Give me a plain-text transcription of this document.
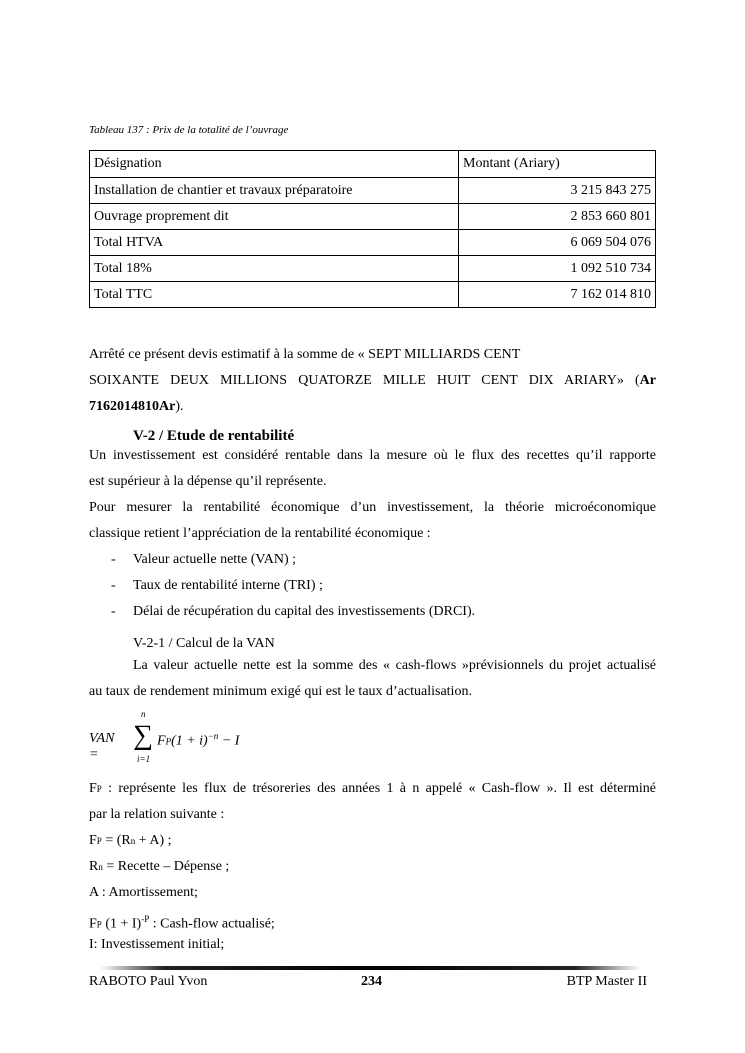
Tableau 137 : Prix de la totalité de l’ouvrage
Désignation	Montant (Ariary)
Installation de chantier et travaux préparatoire	3 215 843 275
Ouvrage proprement dit	2 853 660 801
Total HTVA	6 069 504 076
Total 18%	1 092 510 734
Total TTC	7 162 014 810
Arrêté ce présent devis estimatif à la somme de « SEPT MILLIARDS CENT
SOIXANTE DEUX MILLIONS QUATORZE MILLE HUIT CENT DIX ARIARY» (Ar
7162014810Ar).
V-2 / Etude de rentabilité
Un investissement est considéré rentable dans la mesure où le flux des recettes qu’il rapporte
est supérieur à la dépense qu’il représente.
Pour mesurer la rentabilité économique d’un investissement, la théorie microéconomique
classique retient l’appréciation de la rentabilité économique :
- Valeur actuelle nette (VAN) ;
- Taux de rentabilité interne (TRI) ;
- Délai de récupération du capital des investissements (DRCI).
V-2-1 / Calcul de la VAN
La valeur actuelle nette est la somme des « cash-flows »prévisionnels du projet actualisé
au taux de rendement minimum exigé qui est le taux d’actualisation.
VAN =
n
∑
i=1
$FP(1 + i)^{-n} - I$
FP : représente les flux de trésoreries des années 1 à n appelé « Cash-flow ». Il est déterminé
par la relation suivante :
FP = (Rn + A) ;
Rn = Recette – Dépense ;
A : Amortissement;
FP $(1 + I)^{-P}$ : Cash-flow actualisé;
I: Investissement initial;
RABOTO Paul Yvon	234	BTP Master II
